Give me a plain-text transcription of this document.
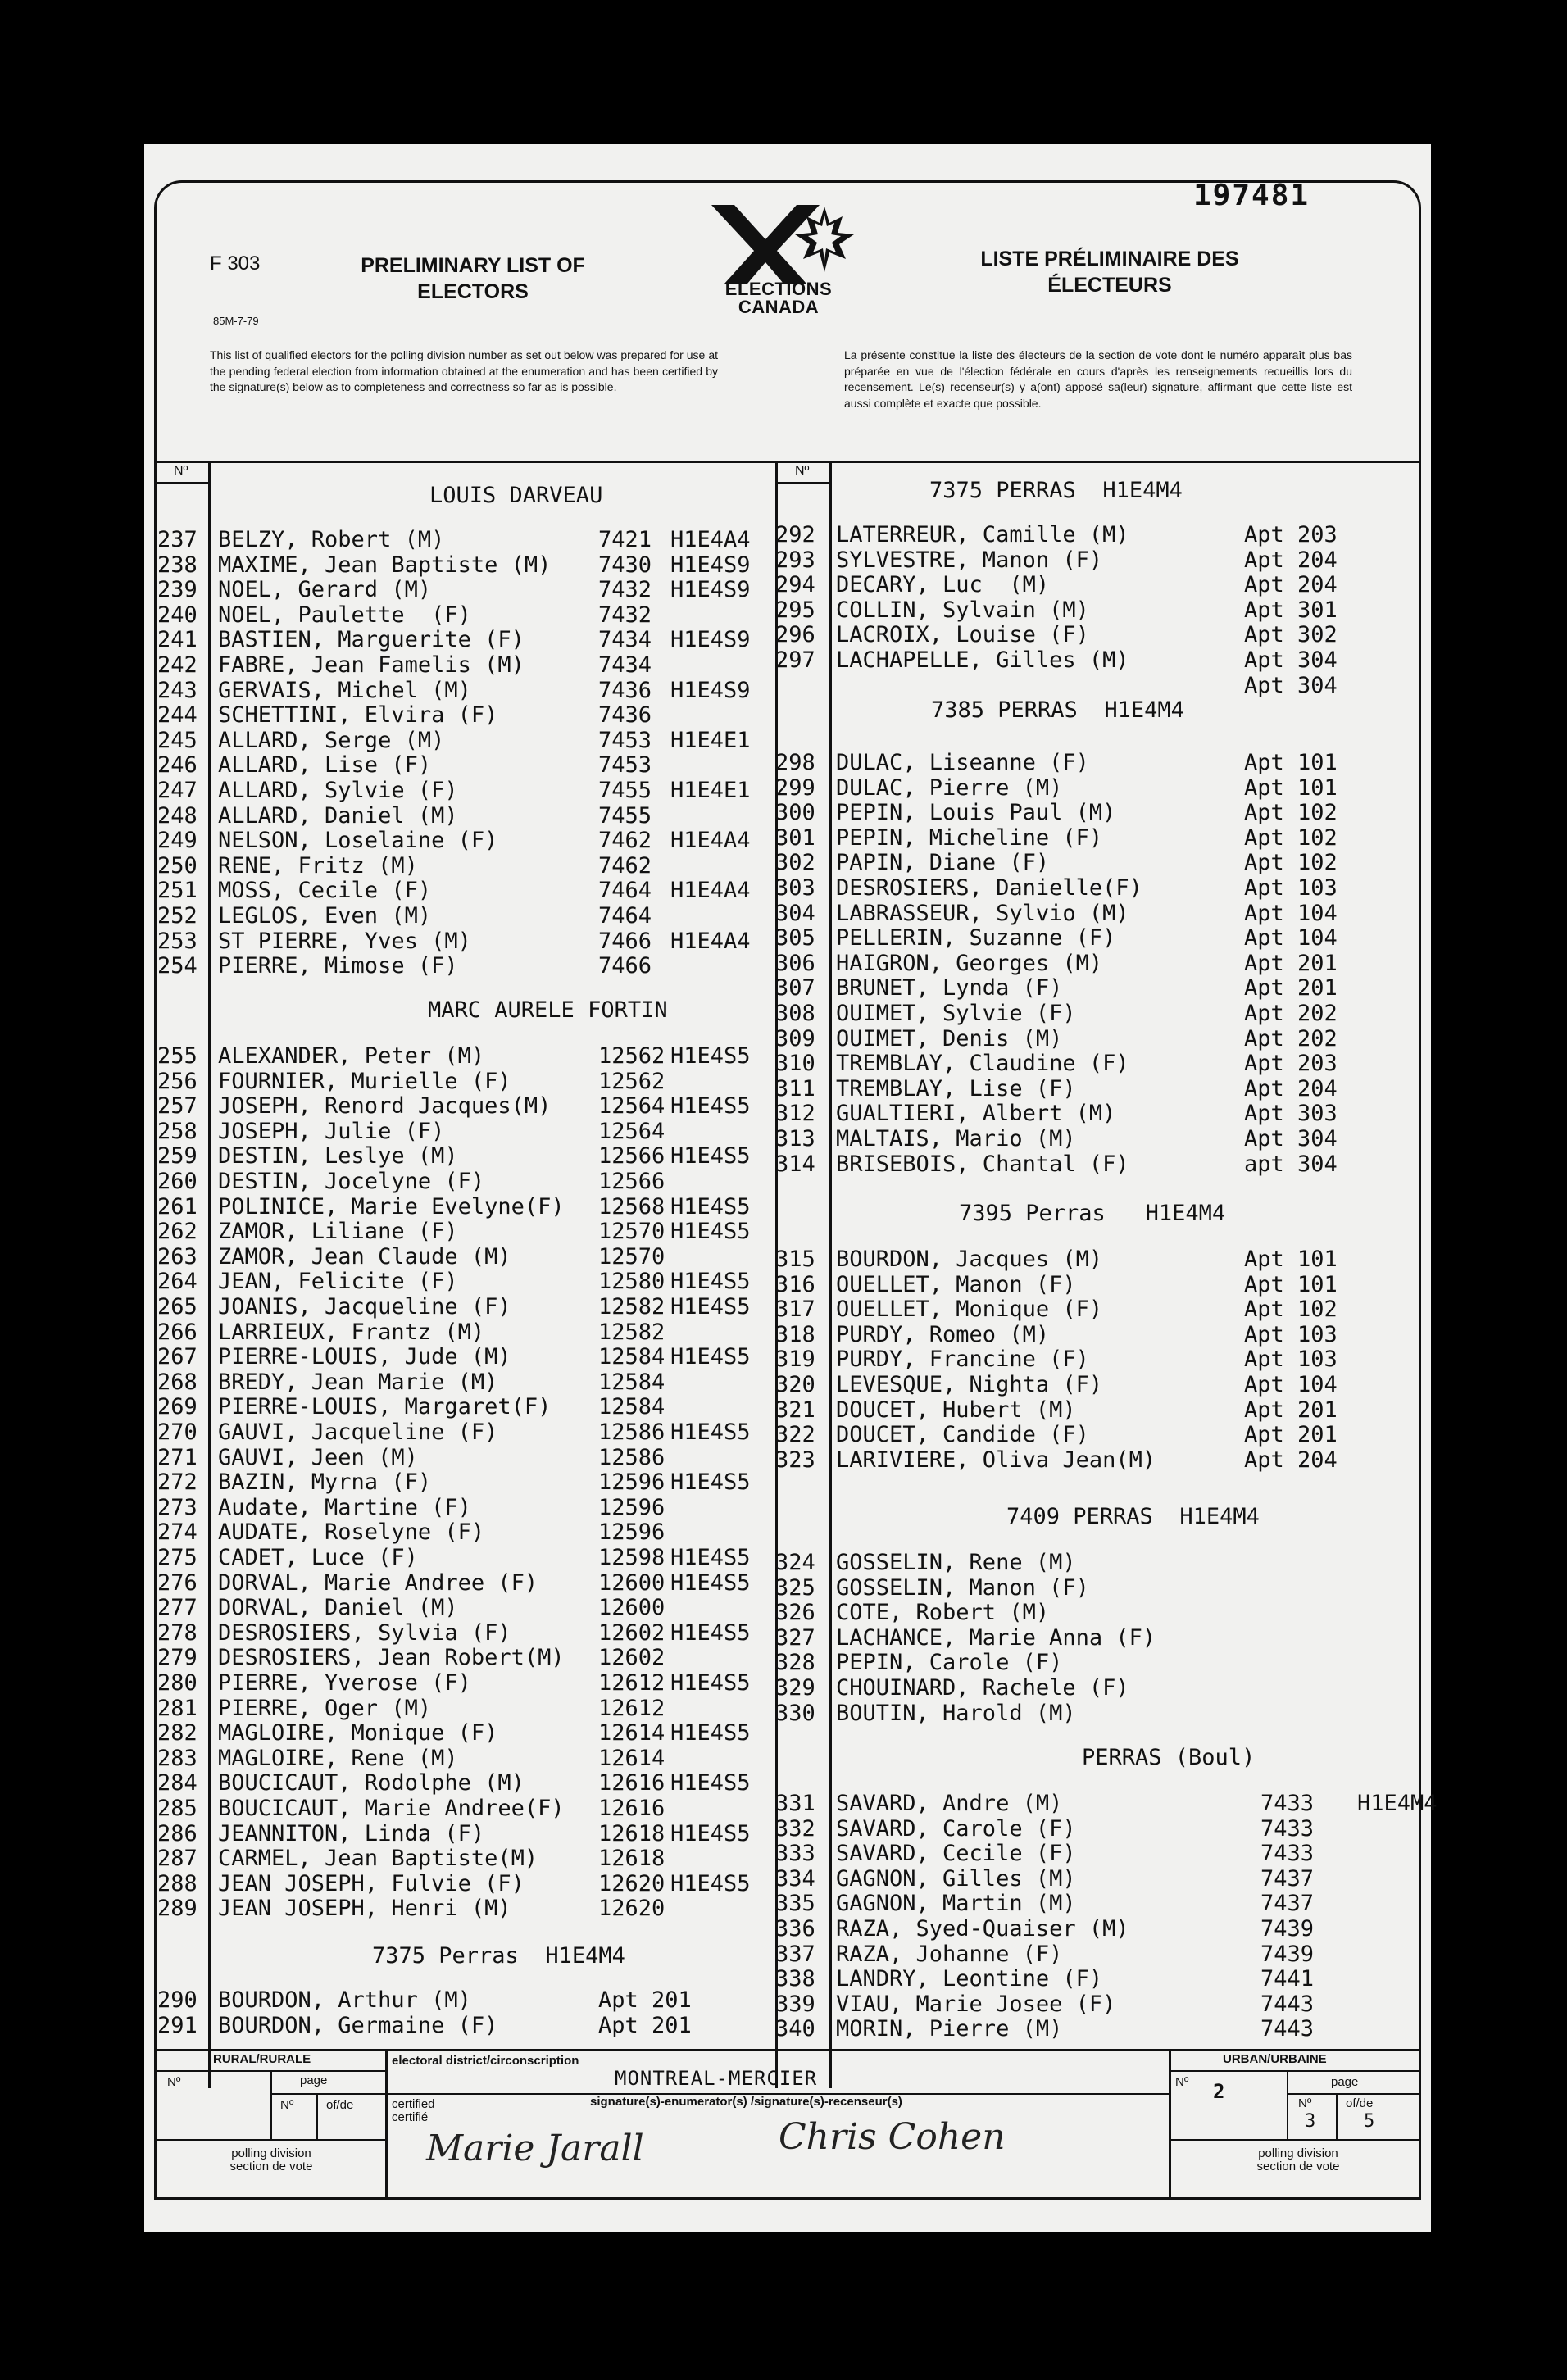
197481
F 303
85M-7-79
PRELIMINARY LIST OF
ELECTORS	ELECTIONS
CANADA
LISTE PRÉLIMINAIRE DES
ÉLECTEURS
This list of qualified electors for the polling division number as set out below was prepared for use at the pending federal election from information obtained at the enumeration and has been certified by the signature(s) below as to completeness and correctness so far as is possible.
La présente constitue la liste des électeurs de la section de vote dont le numéro apparaît plus bas préparée en vue de l'élection fédérale en cours d'après les renseignements recueillis lors du recensement. Le(s) recenseur(s) y a(ont) apposé sa(leur) signature, affirmant que cette liste est aussi complète et exacte que possible.
Nº	Nº

LOUIS DARVEAU

MARC AURELE FORTIN

7375 Perras  H1E4M4

237 BELZY, Robert (M)	7421 H1E4A4
238 MAXIME, Jean Baptiste (M) 7430 H1E4S9
239 NOEL, Gerard (M)	7432 H1E4S9
240 NOEL, Paulette  (F)	7432
241 BASTIEN, Marguerite (F)	7434 H1E4S9
242 FABRE, Jean Famelis (M)	7434
243 GERVAIS, Michel (M)	7436 H1E4S9
244 SCHETTINI, Elvira (F)	7436
245 ALLARD, Serge (M)	7453 H1E4E1
246 ALLARD, Lise (F)	7453
247 ALLARD, Sylvie (F)	7455 H1E4E1
248 ALLARD, Daniel (M)	7455
249 NELSON, Loselaine (F)	7462 H1E4A4
250 RENE, Fritz (M)	7462
251 MOSS, Cecile (F)	7464 H1E4A4
252 LEGLOS, Even (M)	7464
253 ST PIERRE, Yves (M)	7466 H1E4A4
254 PIERRE, Mimose (F)	7466
255 ALEXANDER, Peter (M)	12562 H1E4S5
256 FOURNIER, Murielle (F)	12562
257 JOSEPH, Renord Jacques(M) 12564 H1E4S5
258 JOSEPH, Julie (F)	12564
259 DESTIN, Leslye (M)	12566 H1E4S5
260 DESTIN, Jocelyne (F)	12566
261 POLINICE, Marie Evelyne(F) 12568 H1E4S5
262 ZAMOR, Liliane (F)	12570 H1E4S5
263 ZAMOR, Jean Claude (M)	12570
264 JEAN, Felicite (F)	12580 H1E4S5
265 JOANIS, Jacqueline (F)	12582 H1E4S5
266 LARRIEUX, Frantz (M)	12582
267 PIERRE-LOUIS, Jude (M)	12584 H1E4S5
268 BREDY, Jean Marie (M)	12584
269 PIERRE-LOUIS, Margaret(F) 12584
270 GAUVI, Jacqueline (F)	12586 H1E4S5
271 GAUVI, Jeen (M)	12586
272 BAZIN, Myrna (F)	12596 H1E4S5
273 Audate, Martine (F)	12596
274 AUDATE, Roselyne (F)	12596
275 CADET, Luce (F)	12598 H1E4S5
276 DORVAL, Marie Andree (F)	12600 H1E4S5
277 DORVAL, Daniel (M)	12600
278 DESROSIERS, Sylvia (F)	12602 H1E4S5
279 DESROSIERS, Jean Robert(M) 12602
280 PIERRE, Yverose (F)	12612 H1E4S5
281 PIERRE, Oger (M)	12612
282 MAGLOIRE, Monique (F)	12614 H1E4S5
283 MAGLOIRE, Rene (M)	12614
284 BOUCICAUT, Rodolphe (M)	12616 H1E4S5
285 BOUCICAUT, Marie Andree(F) 12616
286 JEANNITON, Linda (F)	12618 H1E4S5
287 CARMEL, Jean Baptiste(M)	12618
288 JEAN JOSEPH, Fulvie (F)	12620 H1E4S5
289 JEAN JOSEPH, Henri (M)	12620
290 BOURDON, Arthur (M)	Apt 201
291 BOURDON, Germaine (F)	Apt 201

7375 PERRAS  H1E4M4

7385 PERRAS  H1E4M4

7395 Perras   H1E4M4

7409 PERRAS  H1E4M4

PERRAS (Boul)

292 LATERREUR, Camille (M)	Apt 203
293 SYLVESTRE, Manon (F)	Apt 204
294 DECARY, Luc  (M)	Apt 204
295 COLLIN, Sylvain (M)	Apt 301
296 LACROIX, Louise (F)	Apt 302
297 LACHAPELLE, Gilles (M)	Apt 304
Apt 304
298 DULAC, Liseanne (F)	Apt 101
299 DULAC, Pierre (M)	Apt 101
300 PEPIN, Louis Paul (M)	Apt 102
301 PEPIN, Micheline (F)	Apt 102
302 PAPIN, Diane (F)	Apt 102
303 DESROSIERS, Danielle(F)	Apt 103
304 LABRASSEUR, Sylvio (M)	Apt 104
305 PELLERIN, Suzanne (F)	Apt 104
306 HAIGRON, Georges (M)	Apt 201
307 BRUNET, Lynda (F)	Apt 201
308 OUIMET, Sylvie (F)	Apt 202
309 OUIMET, Denis (M)	Apt 202
310 TREMBLAY, Claudine (F)	Apt 203
311 TREMBLAY, Lise (F)	Apt 204
312 GUALTIERI, Albert (M)	Apt 303
313 MALTAIS, Mario (M)	Apt 304
314 BRISEBOIS, Chantal (F)	apt 304
315 BOURDON, Jacques (M)	Apt 101
316 OUELLET, Manon (F)	Apt 101
317 OUELLET, Monique (F)	Apt 102
318 PURDY, Romeo (M)	Apt 103
319 PURDY, Francine (F)	Apt 103
320 LEVESQUE, Nighta (F)	Apt 104
321 DOUCET, Hubert (M)	Apt 201
322 DOUCET, Candide (F)	Apt 201
323 LARIVIERE, Oliva Jean(M)	Apt 204
324 GOSSELIN, Rene (M)
325 GOSSELIN, Manon (F)
326 COTE, Robert (M)
327 LACHANCE, Marie Anna (F)
328 PEPIN, Carole (F)
329 CHOUINARD, Rachele (F)
330 BOUTIN, Harold (M)
331 SAVARD, Andre (M)	7433 H1E4M4
332 SAVARD, Carole (F)	7433
333 SAVARD, Cecile (F)	7433
334 GAGNON, Gilles (M)	7437
335 GAGNON, Martin (M)	7437
336 RAZA, Syed-Quaiser (M)	7439
337 RAZA, Johanne (F)	7439
338 LANDRY, Leontine (F)	7441
339 VIAU, Marie Josee (F)	7443
340 MORIN, Pierre (M)	7443
RURAL/RURALE
Nº	page
Nº	of/de
polling division
section de vote
electoral district/circonscription
MONTREAL-MERCIER
certified
certifié
signature(s)-enumerator(s) /signature(s)-recenseur(s)
Marie Jarall	Chris Cohen
URBAN/URBAINE
Nº 2	page
Nº
3
of/de
5
polling division
section de vote
